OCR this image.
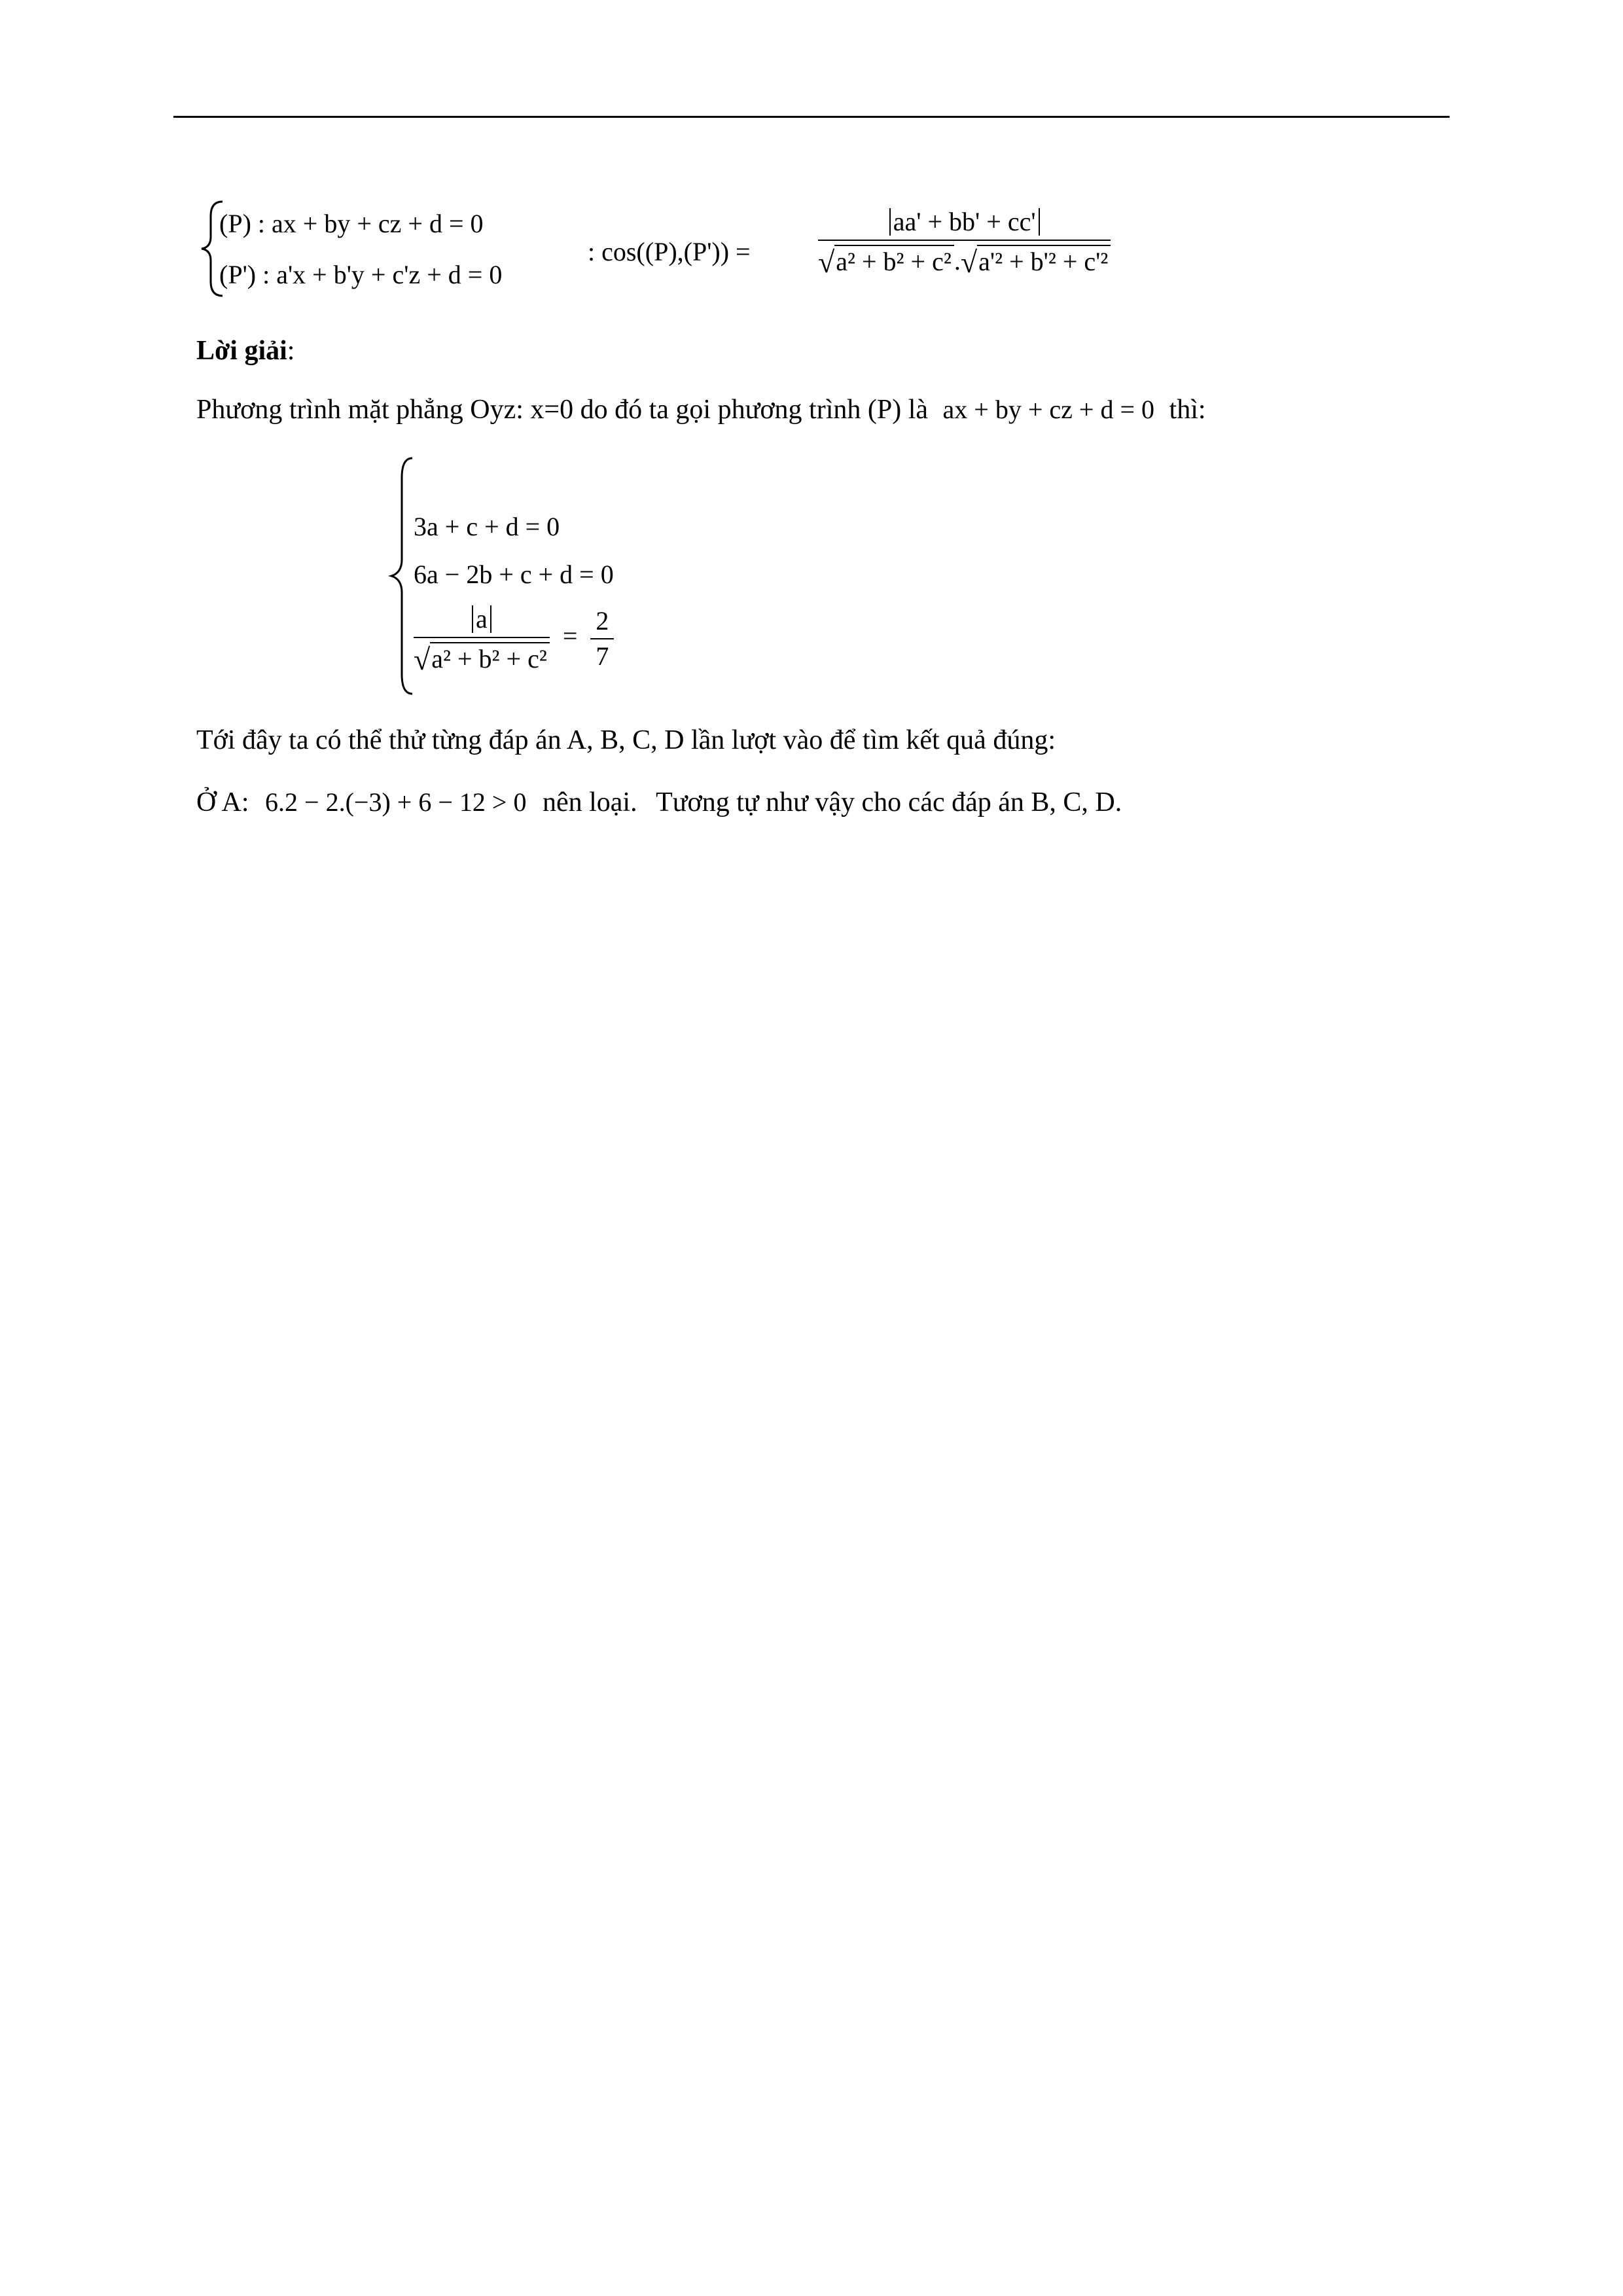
(P) : ax + by + cz + d = 0
(P') : a'x + b'y + c'z + d = 0
: cos((P),(P')) =	$\frac{aa' + bb' + cc'}{\text{√ a² + b² + c² . √ a'² + b'² + c'²}}$
Lời giải:
Phương trình mặt phẳng Oyz: x=0 do đó ta gọi phương trình (P) là ax + by + cz + d = 0 thì:
3a + c + d = 0
6a − 2b + c + d = 0
$\frac{a}{\text{√ a² + b² + c²}} = \frac{2}{7}$
Tới đây ta có thể thử từng đáp án A, B, C, D lần lượt vào để tìm kết quả đúng:
Ở A: 6.2 − 2.(−3) + 6 − 12 > 0 nên loại. Tương tự như vậy cho các đáp án B, C, D.
